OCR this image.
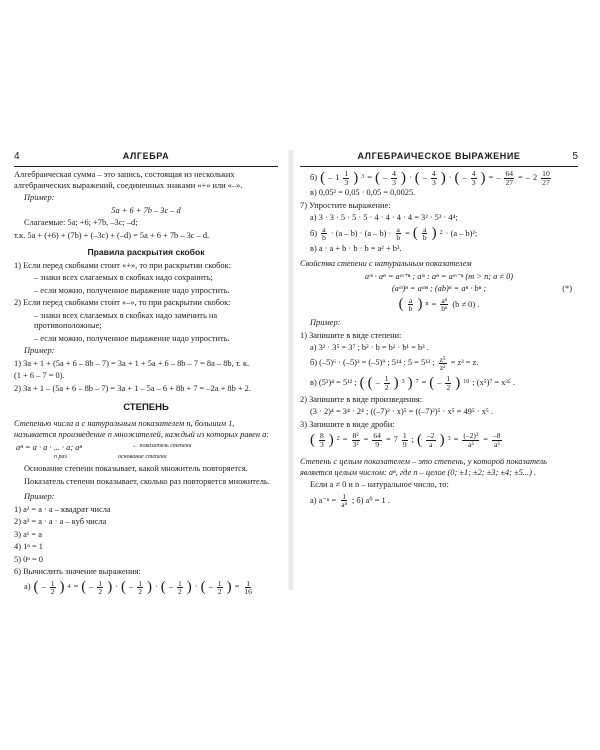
4	АЛГЕБРА

Алгебраическая сумма – это запись, состоящая из нескольких алгебраических выражений, соединенных знаками «+» или «–».

Пример:

5a + 6 + 7b – 3c – d

Слагаемые: 5a; +6; +7b, –3c; –d;

т.к. 5a + (+6) + (7b) + (–3c) + (–d) = 5a + 6 + 7b – 3c – d.

Правила раскрытия скобок

1) Если перед скобками стоит «+», то при раскрытии скобок:

– знаки всех слагаемых в скобках надо сохранить;

– если можно, полученное выражение надо упростить.

2) Если перед скобками стоит «–», то при раскрытии скобок:

– знаки всех слагаемых в скобках надо заменить на противоположные;

– если можно, полученное выражение надо упростить.

Пример:

1) 3a + 1 + (5a + 6 – 8b – 7) = 3a + 1 + 5a + 6 – 8b – 7 = 8a – 8b, т. к.

(1 + 6 – 7 = 0).

2) 3a + 1 – (5a + 6 – 8b – 7) = 3a + 1 – 5a – 6 + 8b + 7 = –2a + 8b + 2.

СТЕПЕНЬ

Степенью числа a с натуральным показателем n, большим 1, называется произведение n множителей, каждый из которых равен a:

aⁿ = a · a · ... · a; aⁿ	← показатель степени
n раз	основание степени

Основание степени показывает, какой множитель повторяется.

Показатель степени показывает, сколько раз повторяется множитель.

Пример:

1) a² = a · a – квадрат числа

2) a³ = a · a · a – куб числа

3) a¹ = a

4) 1ⁿ = 1

5) 0ⁿ = 0

6) Вычислить значение выражения:

а) ( – $\frac{1}{2}$ ) 4 = ( – $\frac{1}{2}$ ) · ( – $\frac{1}{2}$ ) · ( – $\frac{1}{2}$ ) · ( – $\frac{1}{2}$ ) = $\frac{1}{16}$
АЛГЕБРАИЧЕСКОЕ ВЫРАЖЕНИЕ	5
б) ( – $1 \frac{1}{3}$ ) 3 = ( – $\frac{4}{3}$ ) · ( – $\frac{4}{3}$ ) · ( – $\frac{4}{3}$ ) = – $\frac{64}{27}$ = – $2 \frac{10}{27}$

в) 0,05² = 0,05 · 0,05 = 0,0025.

7) Упростите выражение:

а) 3 · 3 · 5 · 5 · 5 · 4 · 4 · 4 · 4 = 3² · 5³ · 4⁴;

$б) \frac{a}{b} \cdot (a - b) \cdot (a - b) \cdot \frac{a}{b}$ = ( $\frac{a}{b}$ ) 2 · (a – b)²;

в) a · a + b · b · b = a² + b³.

Свойства степени с натуральным показателем

aᵐ · aⁿ = aᵐ⁺ⁿ ; aᵐ : aⁿ = aᵐ⁻ⁿ (m > n; a ≠ 0)

(aᵐ)ⁿ = aᵐⁿ ; (ab)ⁿ = aⁿ · bⁿ ;	(*)
( $\frac{a}{b}$ ) $n = \frac{\text{aⁿ}}{\text{bⁿ}} (b \ne 0)$ .

Пример:

1) Запишите в виде степени:

а) 3² · 3⁵ = 3⁷ ; b² · b = b² · b¹ = b³ .

б) (–5)⁶ · (–5)³ = (–5)⁹ ; 5¹⁴ : 5 = 5¹³ ; $\frac{\text{z⁵}}{\text{z²}} = z^3 = z$.
в) (5³)⁴ = 5¹² ; ( ( – $\frac{1}{2}$ ) 3 ) 7 = ( – $\frac{1}{2}$ ) 10 ; (x⁵)⁷ = x³⁵ .

2) Запишите в виде произведения:

(3 · 2)⁴ = 3⁴ · 2⁴ ; ((–7)² · x)⁵ = ((–7)²)⁵ · x⁵ = 49⁵ · x⁵ .

3) Запишите в виде дроби:

( $\frac{8}{3}$ ) $2 = \frac{\text{8²}}{\text{3²}} = \frac{64}{9} = 7 \frac{1}{9}$ ; ( $\frac{-2}{a}$ ) $3 = \frac{\text{(–2)³}}{\text{a³}} = \frac{-8}{\text{a³}}$

Степень с целым показателем – это степень, у которой показатель является целым числом: aⁿ, где n – целое (0; ±1; ±2; ±3; ±4; ±5...) .

Если a ≠ 0 и n – натуральное число, то:

а) $a^{-n} = \frac{1}{\text{aⁿ}}$ ; б) a⁰ = 1 .
